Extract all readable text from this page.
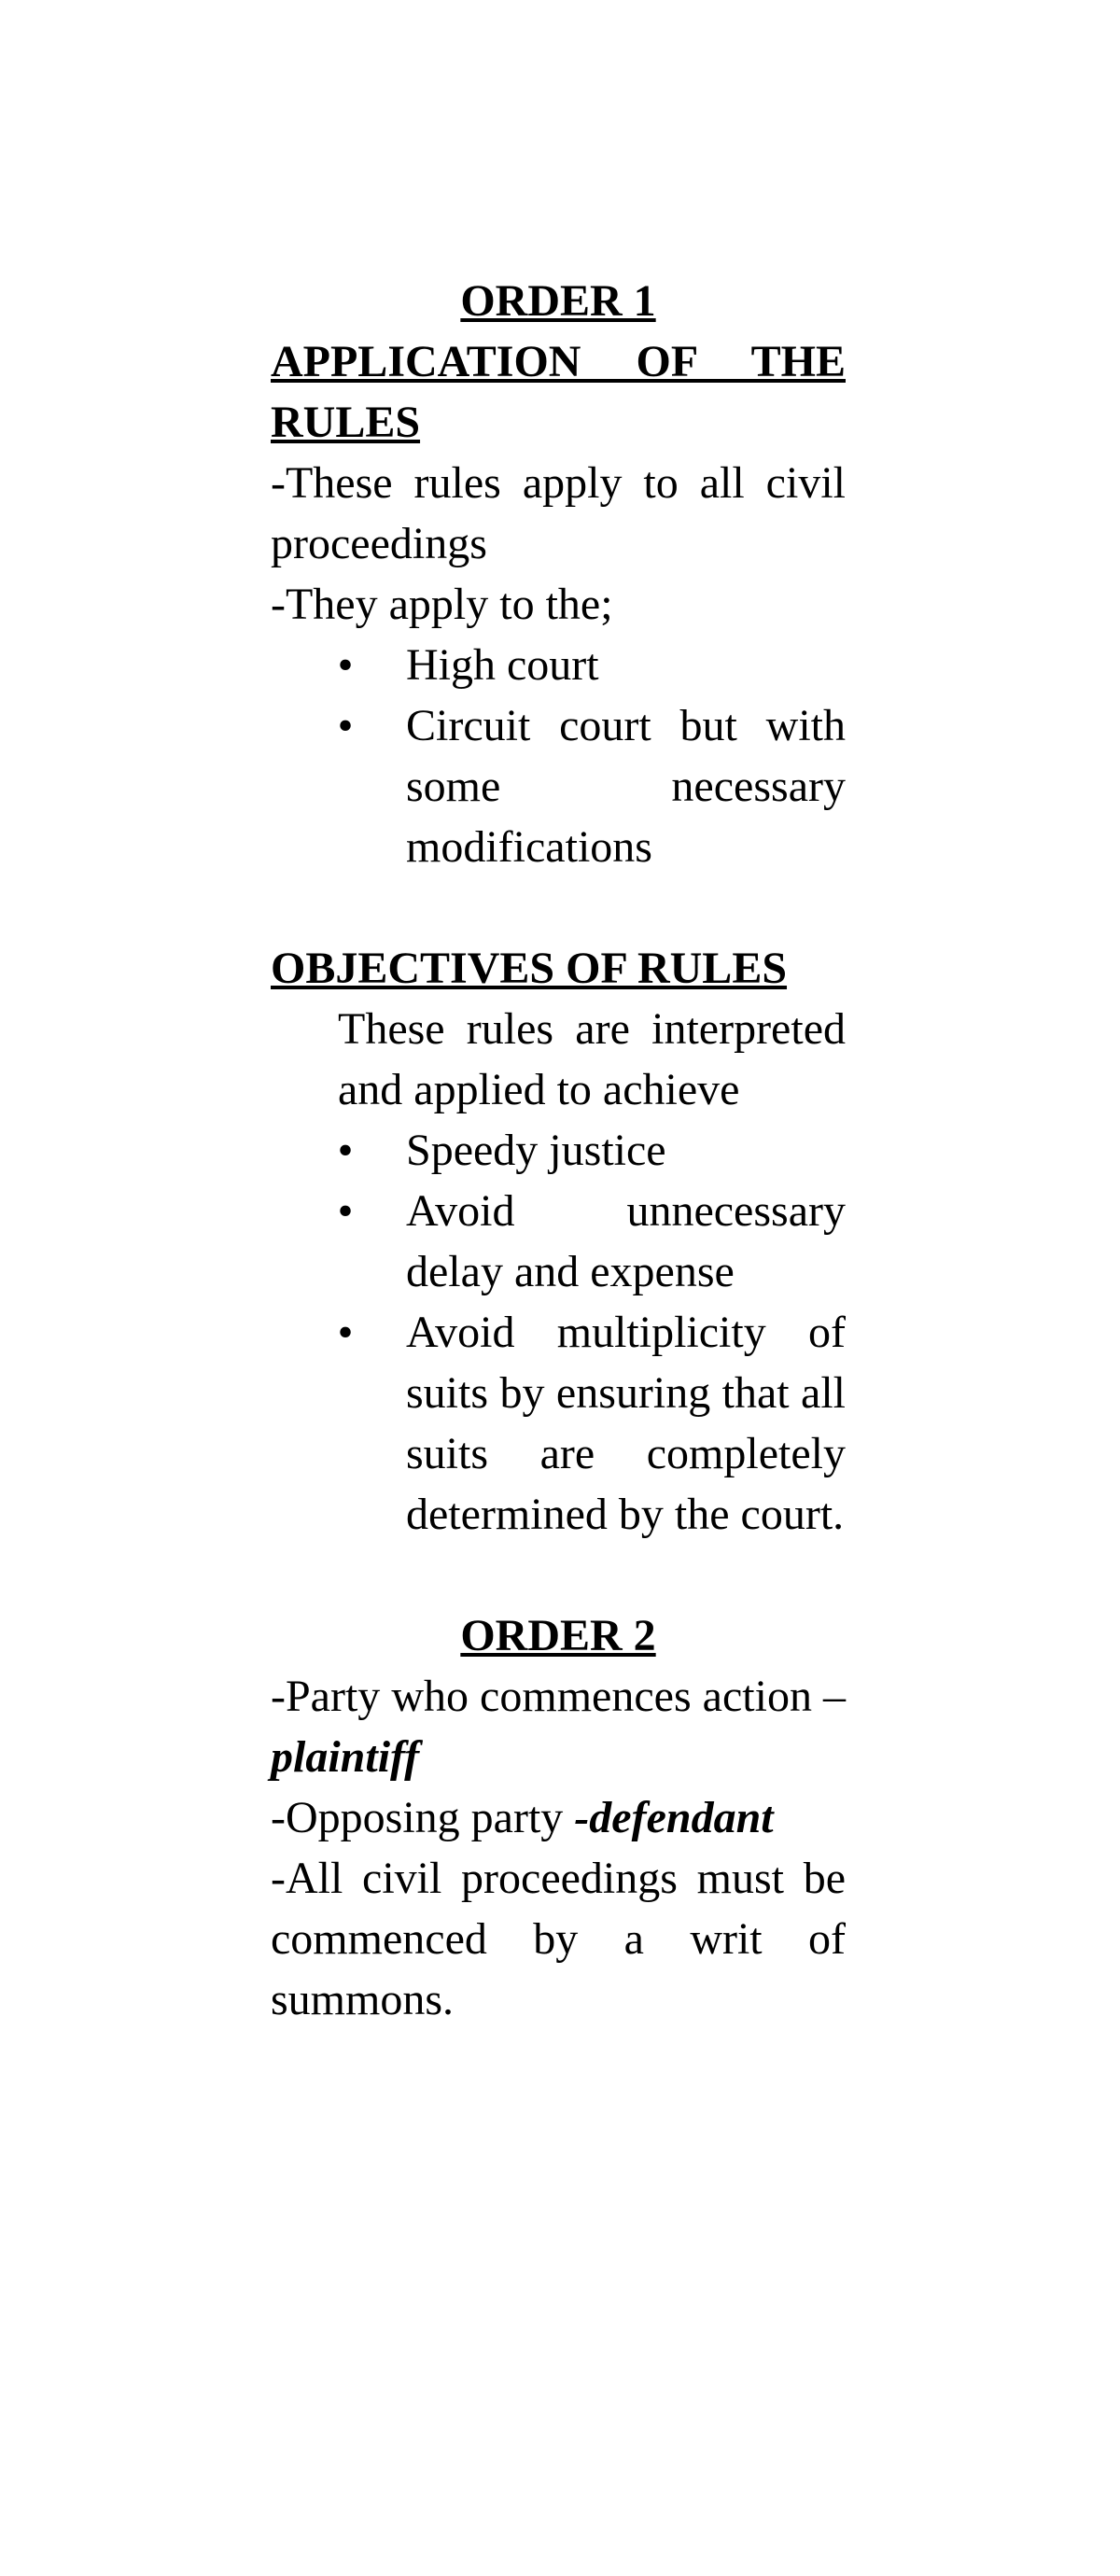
ORDER 1

APPLICATION OF THE RULES

-These rules apply to all civil proceedings

-They apply to the;

• High court
• Circuit court but with some necessary modifications

OBJECTIVES OF RULES

These rules are interpreted and applied to achieve

• Speedy justice
• Avoid unnecessary delay and expense
• Avoid multiplicity of suits by ensuring that all suits are completely determined by the court.

ORDER 2

-Party who commences action – plaintiff

-Opposing party -defendant

-All civil proceedings must be commenced by a writ of summons.
